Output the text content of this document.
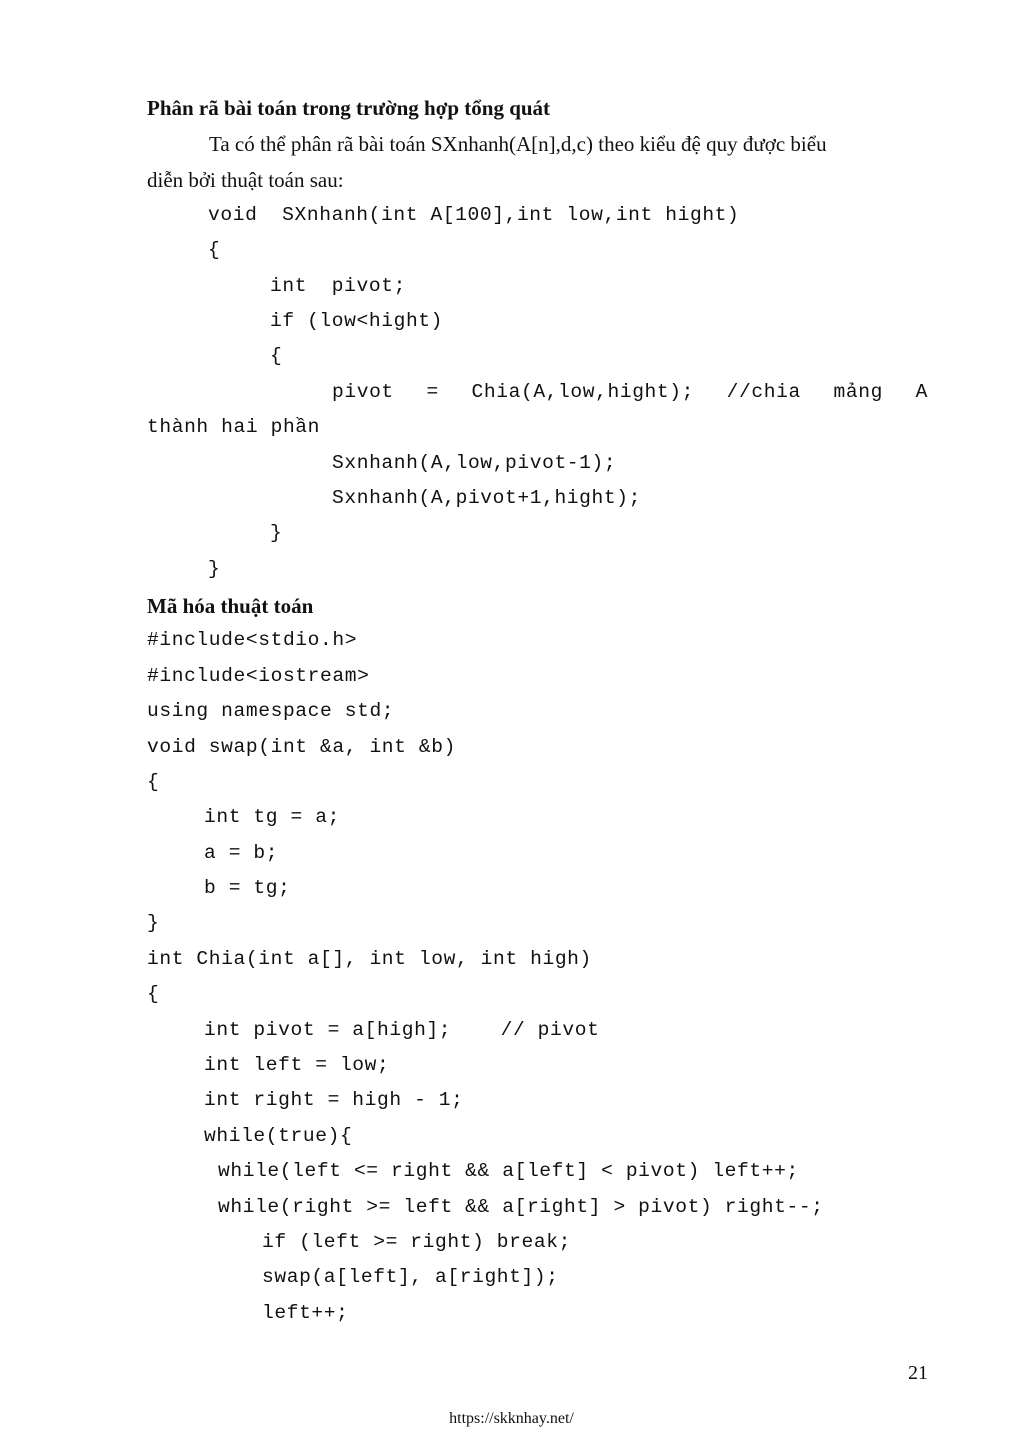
Phân rã bài toán trong trường hợp tổng quát
Ta có thể phân rã bài toán SXnhanh(A[n],d,c) theo kiểu đệ quy được biểu
diễn bởi thuật toán sau:
void  SXnhanh(int A[100],int low,int hight)
{
int  pivot;
if (low<hight)
{
pivot = Chia(A,low,hight); //chia mảng A
thành hai phần
Sxnhanh(A,low,pivot-1);
Sxnhanh(A,pivot+1,hight);
}
}
Mã hóa thuật toán
#include<stdio.h>
#include<iostream>
using namespace std;
void swap(int &a, int &b)
{
int tg = a;
a = b;
b = tg;
}
int Chia(int a[], int low, int high)
{
int pivot = a[high];    // pivot
int left = low;
int right = high - 1;
while(true){
while(left <= right && a[left] < pivot) left++;
while(right >= left && a[right] > pivot) right--;
if (left >= right) break;
swap(a[left], a[right]);
left++;
21
https://skknhay.net/
